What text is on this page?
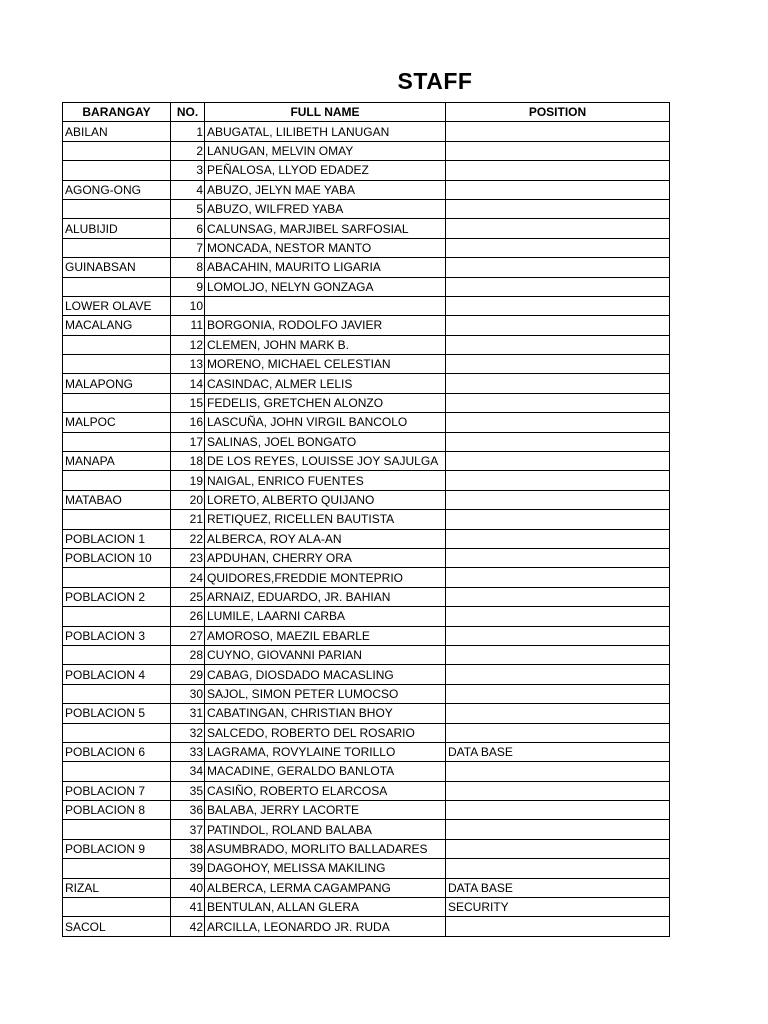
STAFF
BARANGAY	NO.	FULL NAME	POSITION
ABILAN	1	ABUGATAL, LILIBETH LANUGAN	
	2	LANUGAN, MELVIN OMAY	
	3	PEÑALOSA, LLYOD EDADEZ	
AGONG-ONG	4	ABUZO, JELYN MAE YABA	
	5	ABUZO, WILFRED YABA	
ALUBIJID	6	CALUNSAG, MARJIBEL SARFOSIAL	
	7	MONCADA, NESTOR MANTO	
GUINABSAN	8	ABACAHIN, MAURITO LIGARIA	
	9	LOMOLJO, NELYN GONZAGA	
LOWER OLAVE	10		
MACALANG	11	BORGONIA, RODOLFO JAVIER	
	12	CLEMEN, JOHN MARK B.	
	13	MORENO, MICHAEL CELESTIAN	
MALAPONG	14	CASINDAC, ALMER LELIS	
	15	FEDELIS, GRETCHEN ALONZO	
MALPOC	16	LASCUÑA, JOHN VIRGIL BANCOLO	
	17	SALINAS, JOEL BONGATO	
MANAPA	18	DE LOS REYES, LOUISSE JOY SAJULGA	
	19	NAIGAL, ENRICO FUENTES	
MATABAO	20	LORETO, ALBERTO QUIJANO	
	21	RETIQUEZ, RICELLEN BAUTISTA	
POBLACION 1	22	ALBERCA, ROY ALA-AN	
POBLACION 10	23	APDUHAN, CHERRY ORA	
	24	QUIDORES,FREDDIE MONTEPRIO	
POBLACION 2	25	ARNAIZ, EDUARDO, JR. BAHIAN	
	26	LUMILE, LAARNI CARBA	
POBLACION 3	27	AMOROSO, MAEZIL EBARLE	
	28	CUYNO, GIOVANNI PARIAN	
POBLACION 4	29	CABAG, DIOSDADO MACASLING	
	30	SAJOL, SIMON PETER LUMOCSO	
POBLACION 5	31	CABATINGAN, CHRISTIAN BHOY	
	32	SALCEDO, ROBERTO DEL ROSARIO	
POBLACION 6	33	LAGRAMA, ROVYLAINE TORILLO	DATA BASE
	34	MACADINE, GERALDO BANLOTA	
POBLACION 7	35	CASIÑO, ROBERTO ELARCOSA	
POBLACION 8	36	BALABA, JERRY LACORTE	
	37	PATINDOL, ROLAND BALABA	
POBLACION 9	38	ASUMBRADO, MORLITO BALLADARES	
	39	DAGOHOY, MELISSA MAKILING	
RIZAL	40	ALBERCA, LERMA CAGAMPANG	DATA BASE
	41	BENTULAN, ALLAN GLERA	SECURITY
SACOL	42	ARCILLA, LEONARDO JR. RUDA	
